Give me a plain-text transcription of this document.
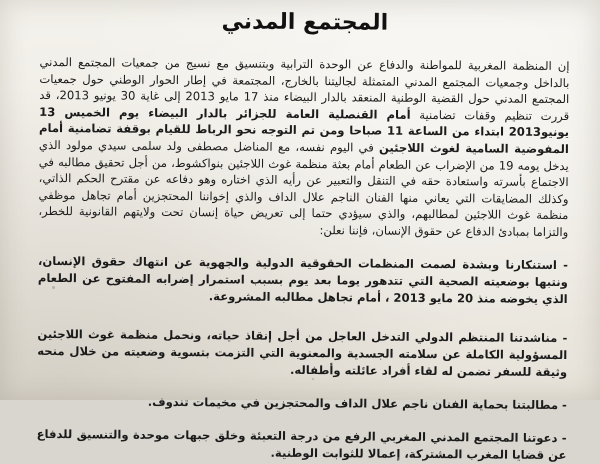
المجتمع المدني

إن المنظمة المغربية للمواطنة والدفاع عن الوحدة الترابية وبتنسيق مع نسيج من جمعيات المجتمع المدني بالداخل وجمعيات المجتمع المدني المتمثلة لجاليتنا بالخارج، المجتمعة في إطار الحوار الوطني حول جمعيات المجتمع المدني حول القضية الوطنية المنعقد بالدار البيضاء منذ 17 مايو 2013 إلى غاية 30 يونيو 2013، قد قررت تنظيم وقفات تضامنية أمام القنصلية العامة للجزائر بالدار البيضاء يوم الخميس 13 يونيو2013 ابتداء من الساعة 11 صباحا ومن تم التوجه نحو الرباط للقيام بوقفة تضامنية أمام المفوضية السامية لغوث اللاجئين في اليوم نفسه، مع المناضل مصطفى ولد سلمى سيدي مولود الذي يدخل يومه 19 من الإضراب عن الطعام أمام بعثة منظمة غوث اللاجئين بنواكشوط، من أجل تحقيق مطالبه في الاجتماع بأسرته واستعادة حقه في التنقل والتعبير عن رأيه الذي اختاره وهو دفاعه عن مقترح الحكم الذاتي، وكذلك المضايقات التي يعاني منها الفنان الناجم علال الداف والذي إخواننا المحتجزين أمام تجاهل موظفي منظمة غوث اللاجئين لمطالبهم، والذي سيؤدي حتما إلى تعريض حياة إنسان تحت ولايتهم القانونية للخطر، والتزاما بمبادئ الدفاع عن حقوق الإنسان، فإننا نعلن:

- استنكارنا وبشدة لصمت المنظمات الحقوقية الدولية والجهوية عن انتهاك حقوق الإنسان، ونتبها بوضعيته الصحية التي تتدهور يوما بعد يوم بسبب استمرار إضرابه المفتوح عن الطعام الذي يخوضه منذ 20 مايو 2013 ، أمام تجاهل مطالبه المشروعة.

- مناشدتنا المنتظم الدولي التدخل العاجل من أجل إنقاذ حياته، ونحمل منظمة غوث اللاجئين المسؤولية الكاملة عن سلامته الجسدية والمعنوية التي التزمت بتسوية وضعيته من خلال منحه وثيقة للسفر تضمن له لقاء أفراد عائلته وأطفاله.

- مطالبتنا بحماية الفنان ناجم علال الداف والمحتجزين في مخيمات تندوف.

- دعوتنا المجتمع المدني المغربي الرفع من درجة التعبئة وخلق جبهات موحدة والتنسيق للدفاع عن قضايا المغرب المشتركة، إعمالا للثوابت الوطنية.
